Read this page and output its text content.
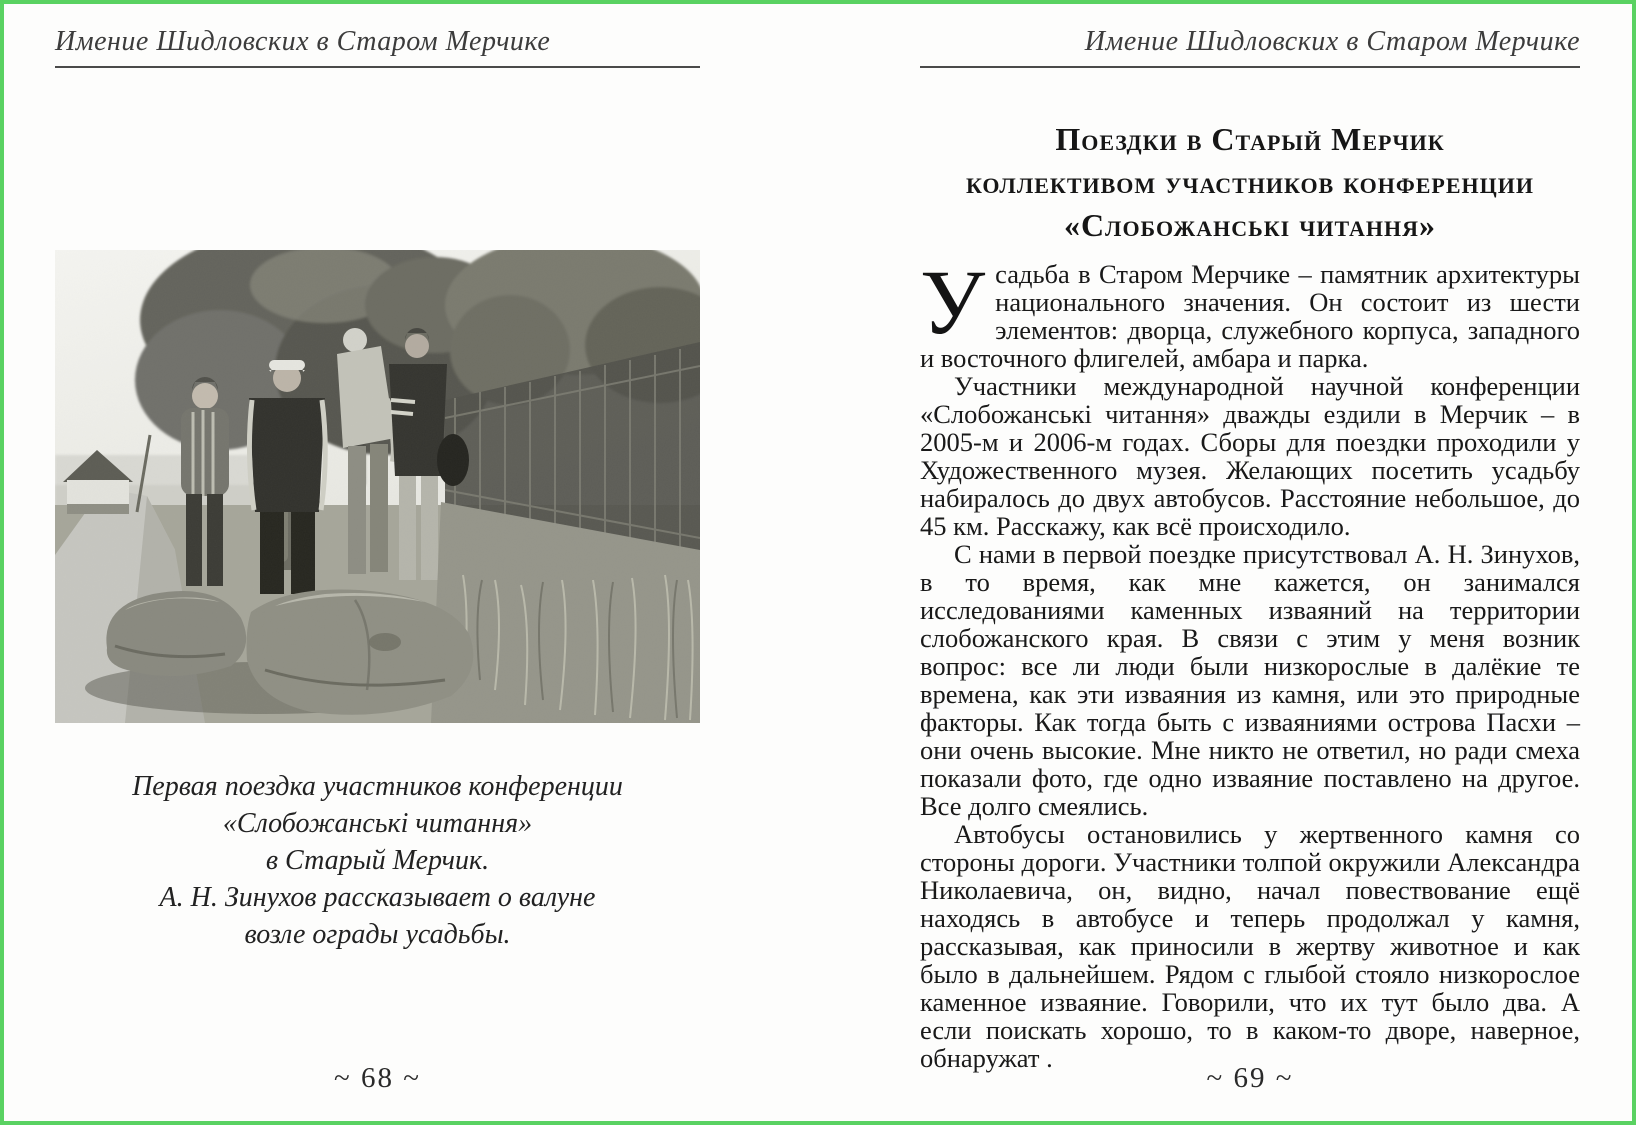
Имение Шидловских в Старом Мерчике
Первая поездка участников конференции
«Слобожанські читання»
в Старый Мерчик.
А. Н. Зинухов рассказывает о валуне
возле ограды усадьбы.
~ 68 ~
Имение Шидловских в Старом Мерчике
Поездки в Старый Мерчик
коллективом участников конференции
«Слобожанські читання»

Усадьба в Старом Мерчике – памятник архитектуры национального значения. Он состоит из шести элементов: дворца, служебного корпуса, западного и восточного флигелей, амбара и парка.

Участники международной научной конференции «Слобожанські читання» дважды ездили в Мерчик – в 2005-м и 2006-м годах. Сборы для поездки проходили у Художественного музея. Желающих посетить усадьбу набиралось до двух автобусов. Расстояние небольшое, до 45 км. Расскажу, как всё происходило.

С нами в первой поездке присутствовал А. Н. Зинухов, в то время, как мне кажется, он занимался исследованиями каменных изваяний на территории слобожанского края. В связи с этим у меня возник вопрос: все ли люди были низкорослые в далёкие те времена, как эти изваяния из камня, или это природные факторы. Как тогда быть с изваяниями острова Пасхи – они очень высокие. Мне никто не ответил, но ради смеха показали фото, где одно изваяние поставлено на другое. Все долго смеялись.

Автобусы остановились у жертвенного камня со стороны дороги. Участники толпой окружили Александра Николаевича, он, видно, начал повествование ещё находясь в автобусе и теперь продолжал у камня, рассказывая, как приносили в жертву животное и как было в дальнейшем. Рядом с глыбой стояло низкорослое каменное изваяние. Говорили, что их тут было два. А если поискать хорошо, то в каком-то дворе, наверное, обнаружат .

~ 69 ~
